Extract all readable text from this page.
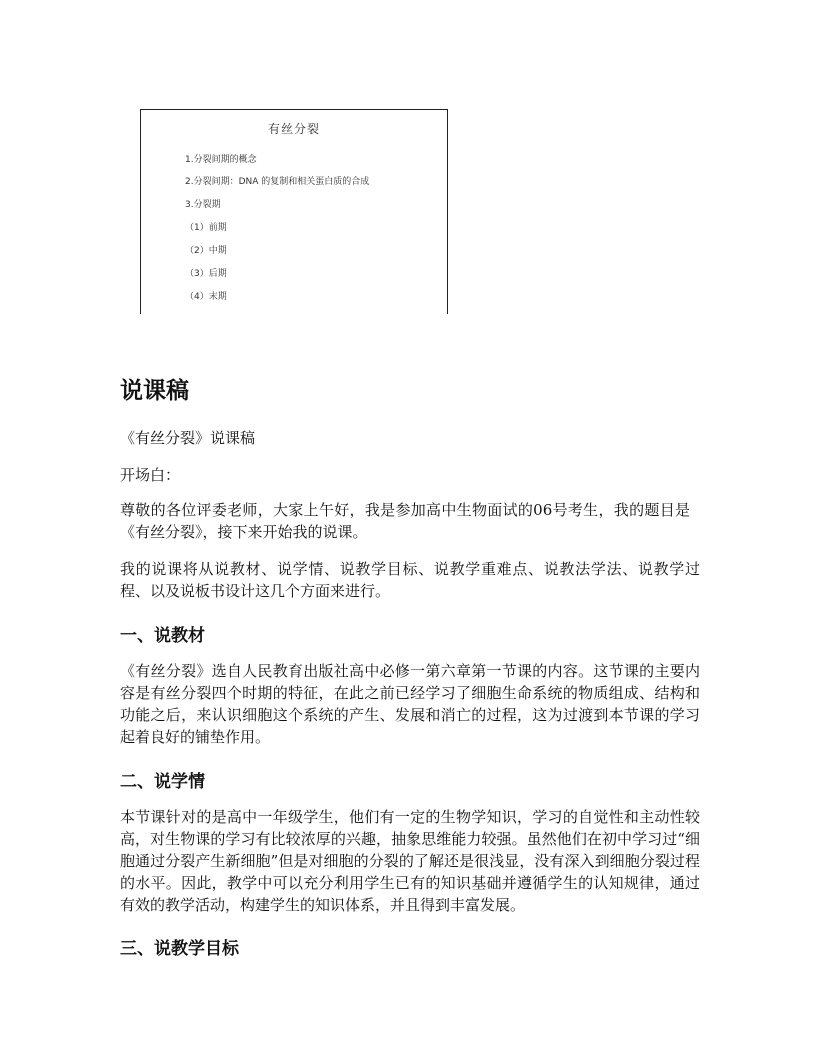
有丝分裂
1.分裂间期的概念
2.分裂间期：DNA 的复制和相关蛋白质的合成
3.分裂期
（1）前期
（2）中期
（3）后期
（4）末期
说课稿

《有丝分裂》说课稿

开场白：

尊敬的各位评委老师，大家上午好，我是参加高中生物面试的06号考生，我的题目是《有丝分裂》，接下来开始我的说课。

我的说课将从说教材、说学情、说教学目标、说教学重难点、说教法学法、说教学过程、以及说板书设计这几个方面来进行。

一、说教材

《有丝分裂》选自人民教育出版社高中必修一第六章第一节课的内容。这节课的主要内容是有丝分裂四个时期的特征，在此之前已经学习了细胞生命系统的物质组成、结构和功能之后，来认识细胞这个系统的产生、发展和消亡的过程，这为过渡到本节课的学习起着良好的铺垫作用。

二、说学情

本节课针对的是高中一年级学生，他们有一定的生物学知识，学习的自觉性和主动性较高，对生物课的学习有比较浓厚的兴趣，抽象思维能力较强。虽然他们在初中学习过“细胞通过分裂产生新细胞”但是对细胞的分裂的了解还是很浅显，没有深入到细胞分裂过程的水平。因此，教学中可以充分利用学生已有的知识基础并遵循学生的认知规律，通过有效的教学活动，构建学生的知识体系，并且得到丰富发展。

三、说教学目标
